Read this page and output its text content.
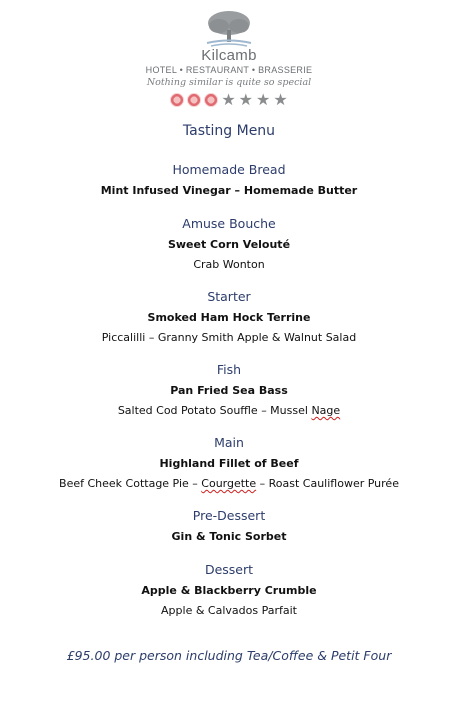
Kilcamb
HOTEL • RESTAURANT • BRASSERIE
Nothing similar is quite so special
★ ★ ★ ★
Tasting Menu
Homemade Bread
Mint Infused Vinegar – Homemade Butter
Amuse Bouche
Sweet Corn Velouté
Crab Wonton
Starter
Smoked Ham Hock Terrine
Piccalilli – Granny Smith Apple & Walnut Salad
Fish
Pan Fried Sea Bass
Salted Cod Potato Souffle – Mussel Nage
Main
Highland Fillet of Beef
Beef Cheek Cottage Pie – Courgette – Roast Cauliflower Purée
Pre-Dessert
Gin & Tonic Sorbet
Dessert
Apple & Blackberry Crumble
Apple & Calvados Parfait
£95.00 per person including Tea/Coffee & Petit Four
